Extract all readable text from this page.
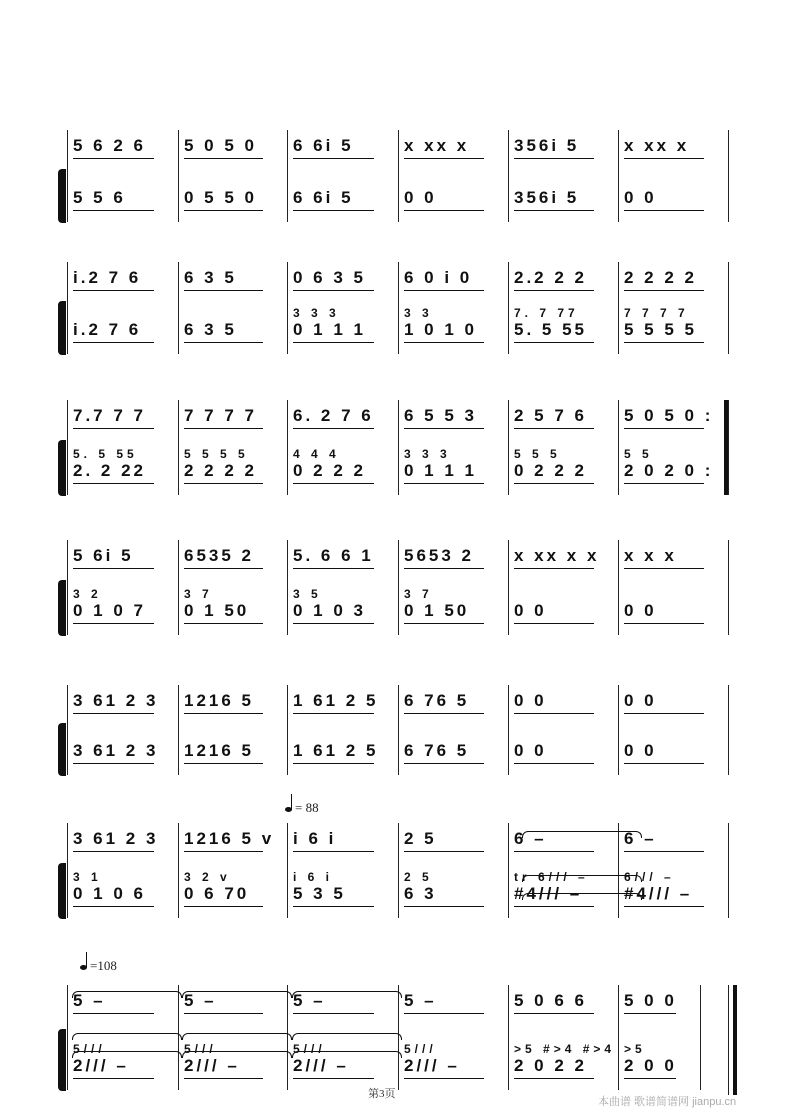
5 6 2 6
5 5 6
5 0 5 0
0 5 5 0
6 6i 5
6 6i 5
x xx x
0 0
356i 5
356i 5
x xx x
0 0
i.2 7 6
i.2 7 6
6 3 5
6 3 5
0 6 3 5
3 3 3
0 1 1 1
6 0 i 0
3 3
1 0 1 0
2.2 2 2
7. 7 77
5. 5 55
2 2 2 2
7 7 7 7
5 5 5 5
7.7 7 7
5. 5 55
2. 2 22
7 7 7 7
5 5 5 5
2 2 2 2
6. 2 7 6
4 4 4
0 2 2 2
6 5 5 3
3 3 3
0 1 1 1
2 5 7 6
5 5 5
0 2 2 2
5 0 5 0 :
5 5
2 0 2 0 :
5 6i 5
3 2
0 1 0 7
6535 2
3 7
0 1 50
5. 6 6 1
3 5
0 1 0 3
5653 2
3 7
0 1 50
x xx x x
0 0
x x x
0 0
3 61 2 3
3 61 2 3
1216 5
1216 5
1 61 2 5
1 61 2 5
6 76 5
6 76 5
0 0
0 0
0 0
0 0
3 61 2 3
3 1
0 1 0 6
1216 5 v
3 2 v
0 6 70
i 6 i
i 6 i
5 3 5
2 5
2 5
6 3
6 –
tr 6/// –
#4/// –
6 –
6/// –
#4/// –
5 –
5///
2/// –
5 –
5///
2/// –
5 –
5///
2/// –
5 –
5///
2/// –
5 0 6 6
>5 #>4 #>4
2 0 2 2
5 0 0
>5
2 0 0
= 88
=108
第3页
本曲谱 歌谱简谱网 jianpu.cn
